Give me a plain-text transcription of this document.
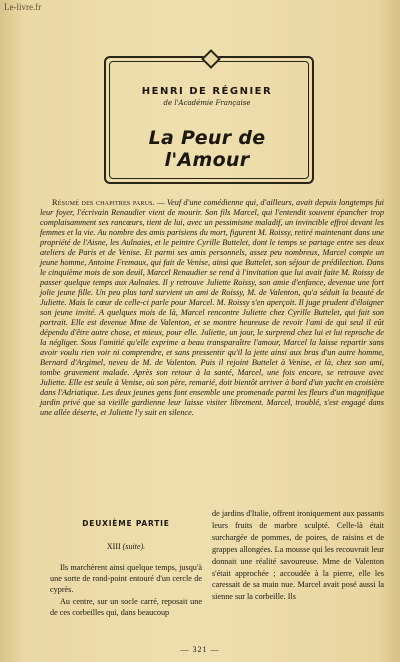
Le-livre.fr
HENRI DE RÉGNIER
de l'Académie Française
La Peur de l'Amour
Résumé des chapitres parus. — Veuf d'une comédienne qui, d'ailleurs, avait depuis longtemps fui leur foyer, l'écrivain Renaudier vient de mourir. Son fils Marcel, qui l'entendit souvent épancher trop complaisamment ses rancœurs, tient de lui, avec un pessimisme maladif, un invincible effroi devant les femmes et la vie. Au nombre des amis parisiens du mort, figurent M. Roissy, retiré maintenant dans une propriété de l'Aisne, les Aulnaies, et le peintre Cyrille Buttelet, dont le temps se partage entre ses deux ateliers de Paris et de Venise. Et parmi ses amis personnels, assez peu nombreux, Marcel compte un jeune homme, Antoine Fremaux, qui fait de Venise, ainsi que Buttelet, son séjour de prédilection. Dans le cinquième mois de son deuil, Marcel Renaudier se rend à l'invitation que lui avait faite M. Roissy de passer quelque temps aux Aulnaies. Il y retrouve Juliette Roissy, son amie d'enfance, devenue une fort jolie jeune fille. Un peu plus tard survient un ami de Roissy, M. de Valenton, qu'a séduit la beauté de Juliette. Mais le cœur de celle-ci parle pour Marcel. M. Roissy s'en aperçoit. Il juge prudent d'éloigner son jeune invité. A quelques mois de là, Marcel rencontre Juliette chez Cyrille Buttelet, qui fait son portrait. Elle est devenue Mme de Valenton, et se montre heureuse de revoir l'ami de qui seul il eût dépendu d'être autre chose, et mieux, pour elle. Juliette, un jour, le surprend chez lui et lui reproche de la négliger. Sous l'amitié qu'elle exprime a beau transparaître l'amour, Marcel la laisse repartir sans avoir voulu rien voir ni comprendre, et sans pressentir qu'il la jette ainsi aux bras d'un autre homme, Bernard d'Argimel, neveu de M. de Valenton. Puis il rejoint Buttelet à Venise, et là, chez son ami, tombe gravement malade. Après son retour à la santé, Marcel, une fois encore, se retrouve avec Juliette. Elle est seule à Venise, où son père, remarié, doit bientôt arriver à bord d'un yacht en croisière dans l'Adriatique. Les deux jeunes gens font ensemble une promenade parmi les fleurs d'un magnifique jardin privé que sa vieille gardienne leur laisse visiter librement. Marcel, troublé, s'est engagé dans une allée déserte, et Juliette l'y suit en silence.
DEUXIÈME PARTIE
XIII (suite).

Ils marchèrent ainsi quelque temps, jusqu'à une sorte de rond-point entouré d'un cercle de cyprès.

Au centre, sur un socle carré, reposait une de ces corbeilles qui, dans beaucoup

de jardins d'Italie, offrent ironiquement aux passants leurs fruits de marbre sculpté. Celle-là était surchargée de pommes, de poires, de raisins et de grappes allongées. La mousse qui les recouvrait leur donnait une réalité savoureuse. Mme de Valenton s'était approchée ; accoudée à la pierre, elle les caressait de sa main nue. Marcel avait posé aussi la sienne sur la corbeille. Ils
— 321 —
